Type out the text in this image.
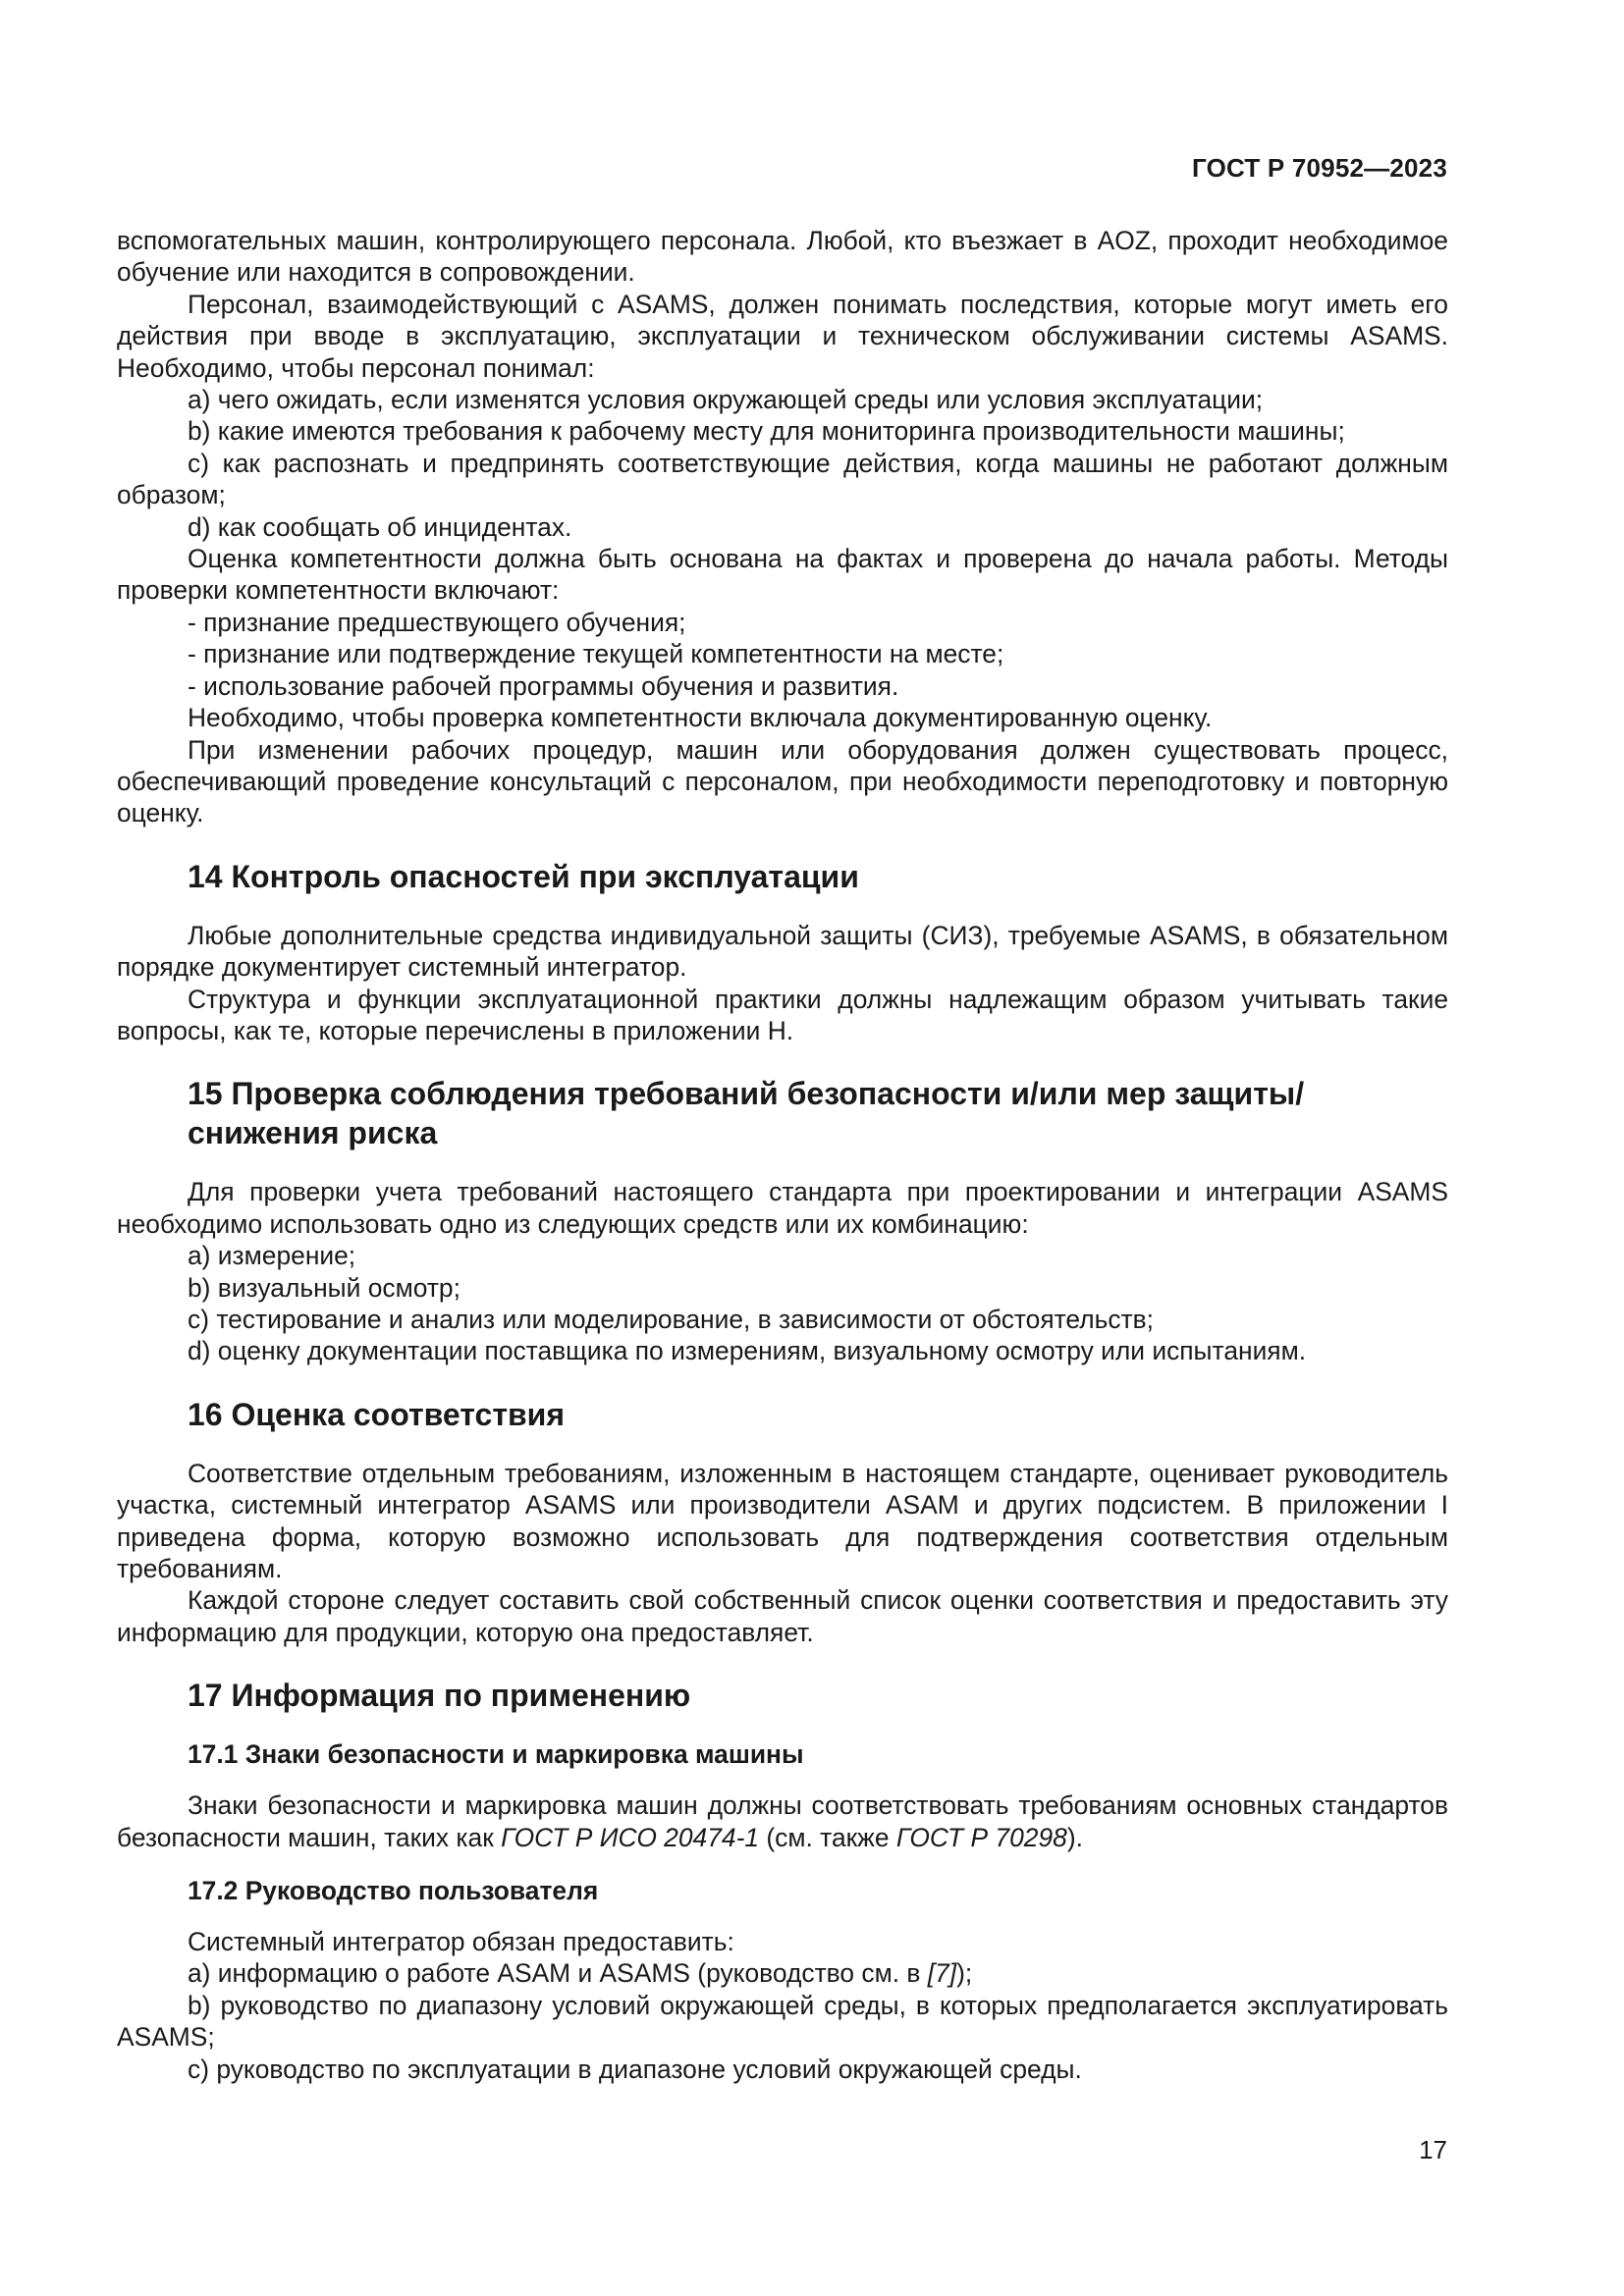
ГОСТ Р 70952—2023

вспомогательных машин, контролирующего персонала. Любой, кто въезжает в AOZ, проходит необходимое обучение или находится в сопровождении.

Персонал, взаимодействующий с ASAMS, должен понимать последствия, которые могут иметь его действия при вводе в эксплуатацию, эксплуатации и техническом обслуживании системы ASAMS. Необходимо, чтобы персонал понимал:

a) чего ожидать, если изменятся условия окружающей среды или условия эксплуатации;

b) какие имеются требования к рабочему месту для мониторинга производительности машины;

c) как распознать и предпринять соответствующие действия, когда машины не работают должным образом;

d) как сообщать об инцидентах.

Оценка компетентности должна быть основана на фактах и проверена до начала работы. Методы проверки компетентности включают:

- признание предшествующего обучения;

- признание или подтверждение текущей компетентности на месте;

- использование рабочей программы обучения и развития.

Необходимо, чтобы проверка компетентности включала документированную оценку.

При изменении рабочих процедур, машин или оборудования должен существовать процесс, обеспечивающий проведение консультаций с персоналом, при необходимости переподготовку и повторную оценку.

14 Контроль опасностей при эксплуатации

Любые дополнительные средства индивидуальной защиты (СИЗ), требуемые ASAMS, в обязательном порядке документирует системный интегратор.

Структура и функции эксплуатационной практики должны надлежащим образом учитывать такие вопросы, как те, которые перечислены в приложении Н.

15 Проверка соблюдения требований безопасности и/или мер защиты/
снижения риска

Для проверки учета требований настоящего стандарта при проектировании и интеграции ASAMS необходимо использовать одно из следующих средств или их комбинацию:

a) измерение;

b) визуальный осмотр;

c) тестирование и анализ или моделирование, в зависимости от обстоятельств;

d) оценку документации поставщика по измерениям, визуальному осмотру или испытаниям.

16 Оценка соответствия

Соответствие отдельным требованиям, изложенным в настоящем стандарте, оценивает руководитель участка, системный интегратор ASAMS или производители ASAM и других подсистем. В приложении I приведена форма, которую возможно использовать для подтверждения соответствия отдельным требованиям.

Каждой стороне следует составить свой собственный список оценки соответствия и предоставить эту информацию для продукции, которую она предоставляет.

17 Информация по применению
17.1 Знаки безопасности и маркировка машины

Знаки безопасности и маркировка машин должны соответствовать требованиям основных стандартов безопасности машин, таких как ГОСТ Р ИСО 20474-1 (см. также ГОСТ Р 70298).

17.2 Руководство пользователя

Системный интегратор обязан предоставить:

a) информацию о работе ASAM и ASAMS (руководство см. в [7]);

b) руководство по диапазону условий окружающей среды, в которых предполагается эксплуатировать ASAMS;

c) руководство по эксплуатации в диапазоне условий окружающей среды.

17
